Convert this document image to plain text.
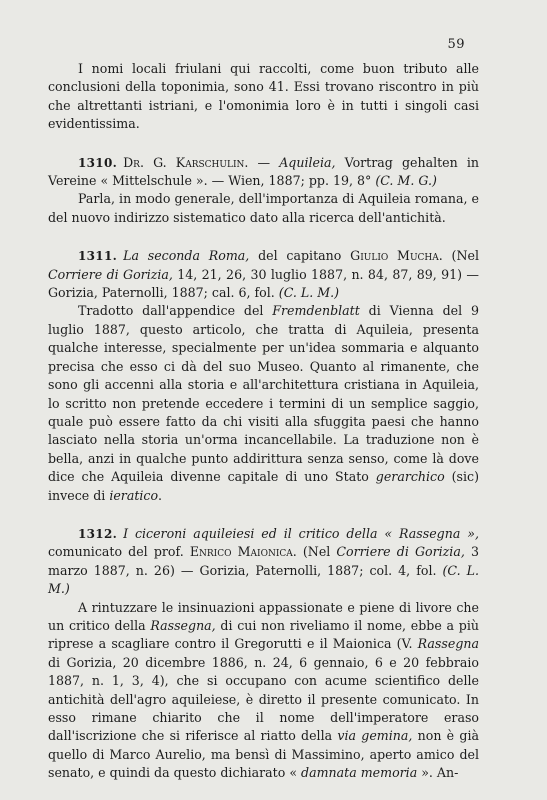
59

I nomi locali friulani qui raccolti, come buon tributo alle conclusioni della toponimia, sono 41. Essi trovano riscontro in più che altrettanti istriani, e l'omonimia loro è in tutti i singoli casi evidentissima.

1310. Dr. G. Karschulin. — Aquileia, Vortrag gehalten in Vereine « Mittelschule ». — Wien, 1887; pp. 19, 8° (C. M. G.)

Parla, in modo generale, dell'importanza di Aquileia romana, e del nuovo indirizzo sistematico dato alla ricerca dell'antichità.

1311. La seconda Roma, del capitano Giulio Mucha. (Nel Corriere di Gorizia, 14, 21, 26, 30 luglio 1887, n. 84, 87, 89, 91) — Gorizia, Paternolli, 1887; cal. 6, fol. (C. L. M.)

Tradotto dall'appendice del Fremdenblatt di Vienna del 9 luglio 1887, questo articolo, che tratta di Aquileia, presenta qualche interesse, specialmente per un'idea sommaria e alquanto precisa che esso ci dà del suo Museo. Quanto al rimanente, che sono gli accenni alla storia e all'architettura cristiana in Aquileia, lo scritto non pretende eccedere i termini di un semplice saggio, quale può essere fatto da chi visiti alla sfuggita paesi che hanno lasciato nella storia un'orma incancellabile. La traduzione non è bella, anzi in qualche punto addirittura senza senso, come là dove dice che Aquileia divenne capitale di uno Stato gerarchico (sic) invece di ieratico.

1312. I ciceroni aquileiesi ed il critico della « Rassegna », comunicato del prof. Enrico Maionica. (Nel Corriere di Gorizia, 3 marzo 1887, n. 26) — Gorizia, Paternolli, 1887; col. 4, fol. (C. L. M.)

A rintuzzare le insinuazioni appassionate e piene di livore che un critico della Rassegna, di cui non riveliamo il nome, ebbe a più riprese a scagliare contro il Gregorutti e il Maionica (V. Rassegna di Gorizia, 20 dicembre 1886, n. 24, 6 gennaio, 6 e 20 febbraio 1887, n. 1, 3, 4), che si occupano con acume scientifico delle antichità dell'agro aquileiese, è diretto il presente comunicato. In esso rimane chiarito che il nome dell'imperatore eraso dall'iscrizione che si riferisce al riatto della via gemina, non è già quello di Marco Aurelio, ma bensì di Massimino, aperto amico del senato, e quindi da questo dichiarato « damnata memoria ». An-
